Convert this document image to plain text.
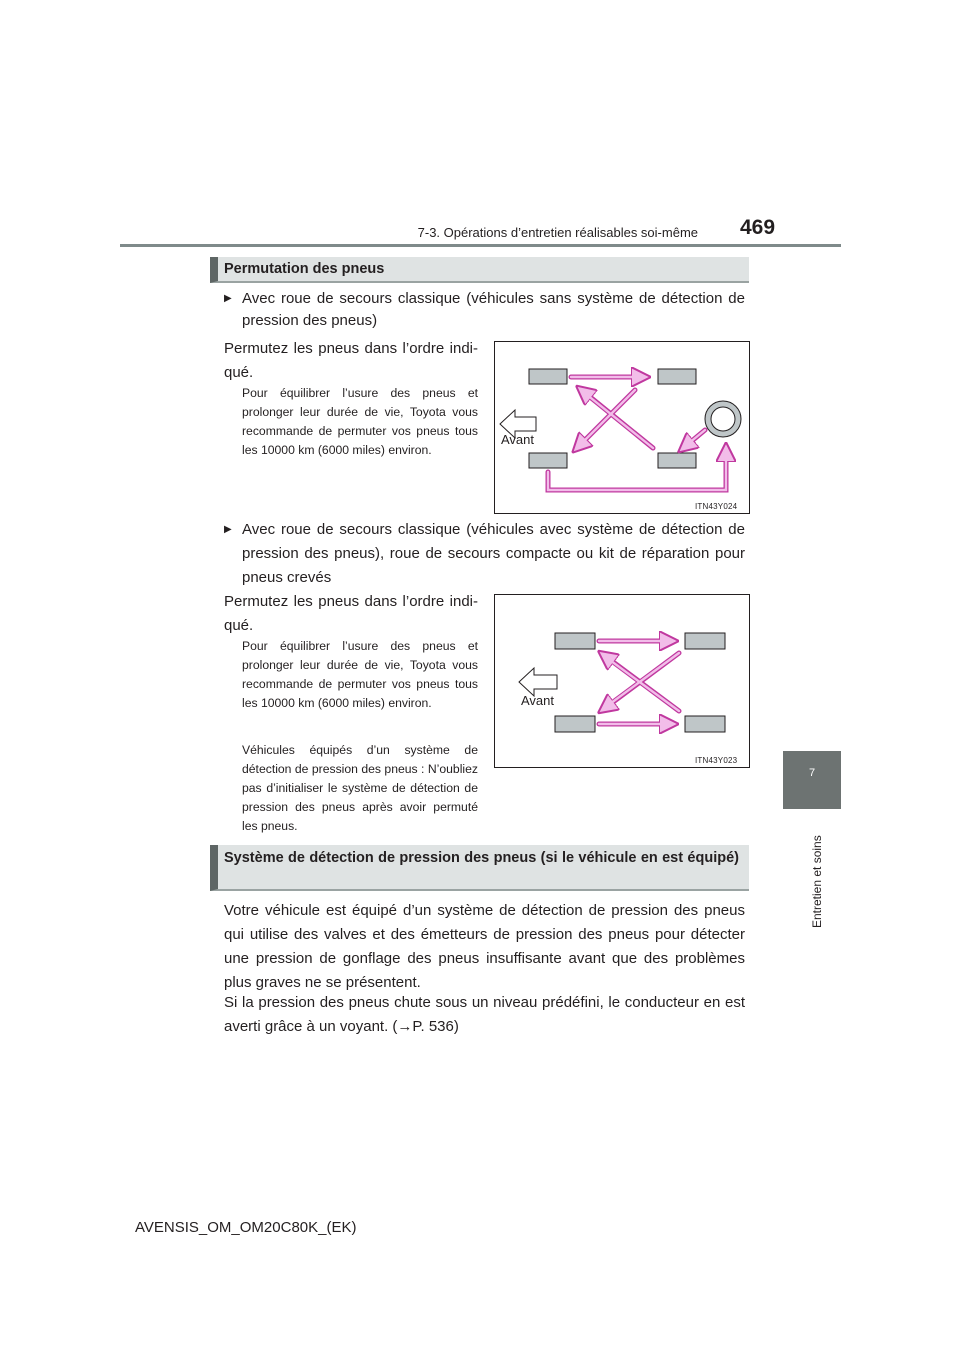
7-3. Opérations d’entretien réalisables soi-même 469
7
Entretien et soins
Permutation des pneus
▶ Avec roue de secours classique (véhicules sans système de détection de pression des pneus)
Permutez les pneus dans l’ordre indi- qué.
Pour équilibrer l’usure des pneus et prolonger leur durée de vie, Toyota vous recommande de permuter vos pneus tous les 10000 km (6000 miles) environ.
Avant
ITN43Y024
▶ Avec roue de secours classique (véhicules avec système de détection de pression des pneus), roue de secours compacte ou kit de réparation pour pneus crevés
Permutez les pneus dans l’ordre indi- qué.
Pour équilibrer l’usure des pneus et prolonger leur durée de vie, Toyota vous recommande de permuter vos pneus tous les 10000 km (6000 miles) environ.
Véhicules équipés d’un système de détection de pression des pneus : N’oubliez pas d’initialiser le système de détection de pression des pneus après avoir permuté les pneus.
Avant
ITN43Y023
Système de détection de pression des pneus (si le véhicule en est équipé)
Votre véhicule est équipé d’un système de détection de pression des pneus qui utilise des valves et des émetteurs de pression des pneus pour détecter une pression de gonflage des pneus insuffisante avant que des problèmes plus graves ne se présentent.
Si la pression des pneus chute sous un niveau prédéfini, le conducteur en est averti grâce à un voyant. (→P. 536)
AVENSIS_OM_OM20C80K_(EK)
